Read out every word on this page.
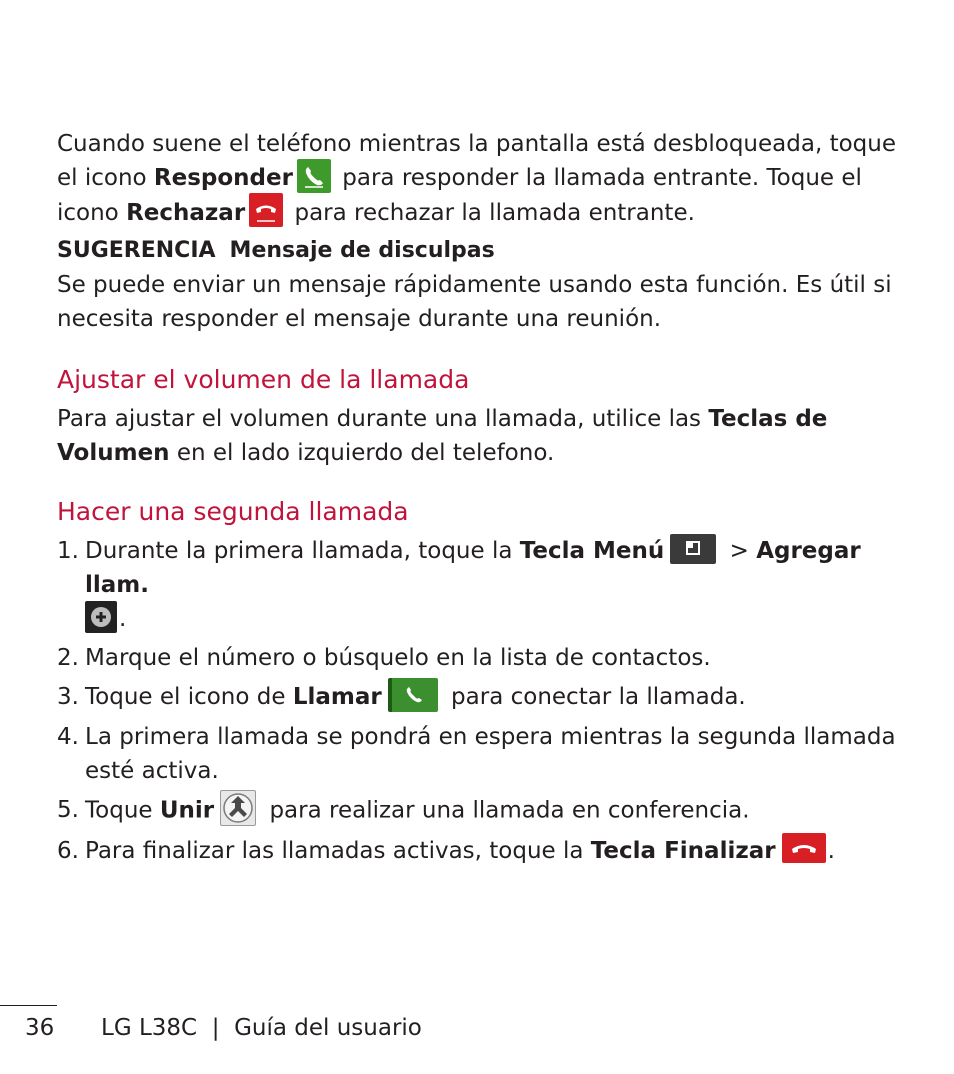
Cuando suene el teléfono mientras la pantalla está desbloqueada, toque el icono Responder
para responder la llamada entrante. Toque el icono Rechazar
para rechazar la llamada entrante.

SUGERENCIA Mensaje de disculpas

Se puede enviar un mensaje rápidamente usando esta función. Es útil si necesita responder el mensaje durante una reunión.

Ajustar el volumen de la llamada

Para ajustar el volumen durante una llamada, utilice las Teclas de Volumen en el lado izquierdo del telefono.

Hacer una segunda llamada
1. Durante la primera llamada, toque la Tecla Menú	> Agregar llam.

.
2. Marque el número o búsquelo en la lista de contactos.
3. Toque el icono de Llamar	para conectar la llamada.
4. La primera llamada se pondrá en espera mientras la segunda llamada esté activa.
5. Toque Unir
para realizar una llamada en conferencia.
6. Para finalizar las llamadas activas, toque la Tecla Finalizar .
36 LG L38C  |  Guía del usuario
